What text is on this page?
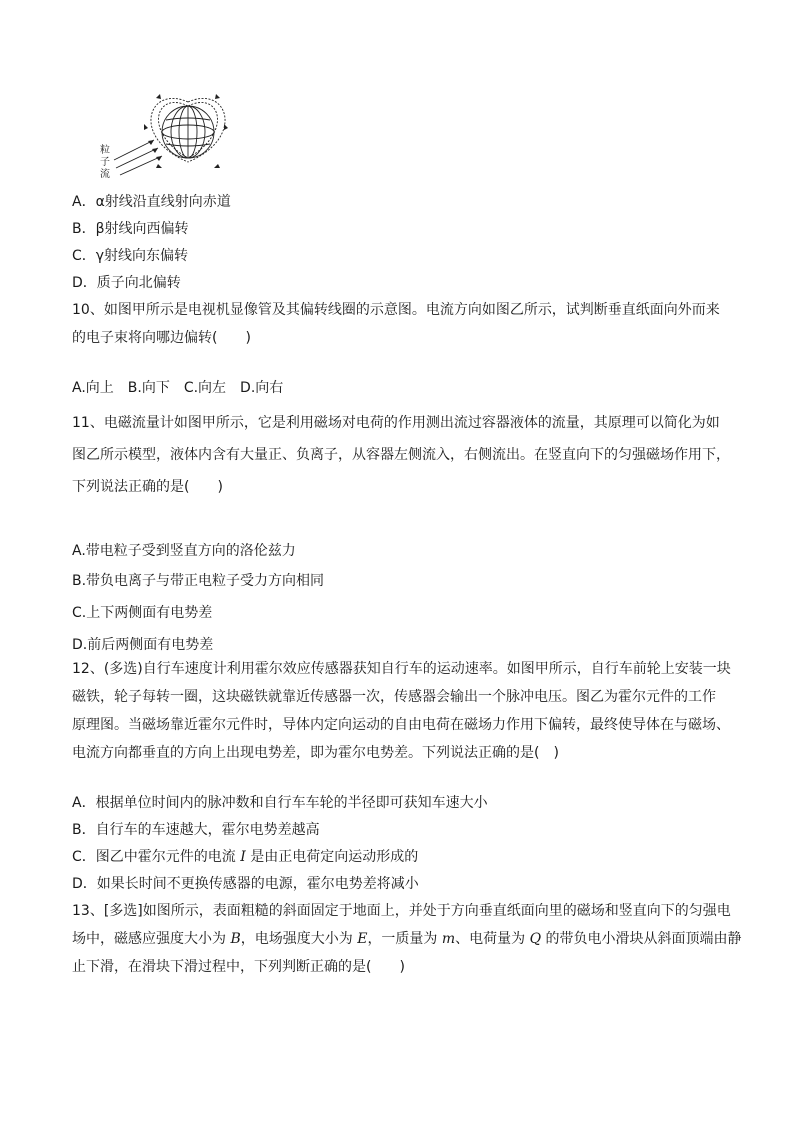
粒
子
流
A．α射线沿直线射向赤道
B．β射线向西偏转
C．γ射线向东偏转
D．质子向北偏转
10、如图甲所示是电视机显像管及其偏转线圈的示意图。电流方向如图乙所示，试判断垂直纸面向外而来
的电子束将向哪边偏转(　　)
A.向上　B.向下　C.向左　D.向右
11、电磁流量计如图甲所示，它是利用磁场对电荷的作用测出流过容器液体的流量，其原理可以简化为如
图乙所示模型，液体内含有大量正、负离子，从容器左侧流入，右侧流出。在竖直向下的匀强磁场作用下，
下列说法正确的是(　　)
A.带电粒子受到竖直方向的洛伦兹力
B.带负电离子与带正电粒子受力方向相同
C.上下两侧面有电势差
D.前后两侧面有电势差
12、(多选)自行车速度计利用霍尔效应传感器获知自行车的运动速率。如图甲所示，自行车前轮上安装一块
磁铁，轮子每转一圈，这块磁铁就靠近传感器一次，传感器会输出一个脉冲电压。图乙为霍尔元件的工作
原理图。当磁场靠近霍尔元件时，导体内定向运动的自由电荷在磁场力作用下偏转，最终使导体在与磁场、
电流方向都垂直的方向上出现电势差，即为霍尔电势差。下列说法正确的是(　)
A．根据单位时间内的脉冲数和自行车车轮的半径即可获知车速大小
B．自行车的车速越大，霍尔电势差越高
C．图乙中霍尔元件的电流 I 是由正电荷定向运动形成的
D．如果长时间不更换传感器的电源，霍尔电势差将减小
13、[多选]如图所示，表面粗糙的斜面固定于地面上，并处于方向垂直纸面向里的磁场和竖直向下的匀强电
场中，磁感应强度大小为 B，电场强度大小为 E，一质量为 m、电荷量为 Q 的带负电小滑块从斜面顶端由静
止下滑，在滑块下滑过程中，下列判断正确的是(　　)
